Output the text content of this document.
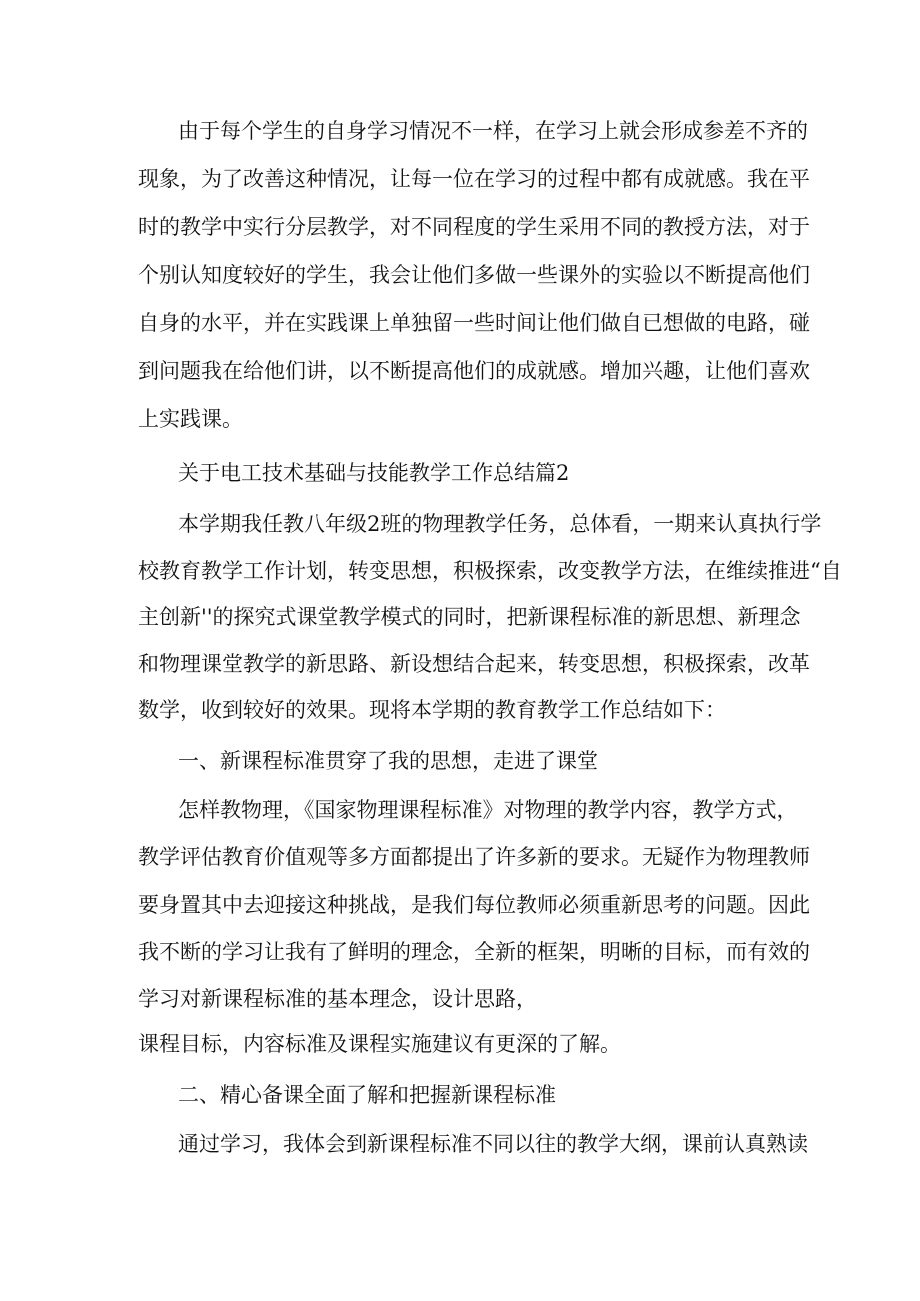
由于每个学生的自身学习情况不一样，在学习上就会形成参差不齐的

现象，为了改善这种情况，让每一位在学习的过程中都有成就感。我在平

时的教学中实行分层教学，对不同程度的学生采用不同的教授方法，对于

个别认知度较好的学生，我会让他们多做一些课外的实验以不断提高他们

自身的水平，并在实践课上单独留一些时间让他们做自已想做的电路，碰

到问题我在给他们讲，以不断提高他们的成就感。增加兴趣，让他们喜欢

上实践课。

关于电工技术基础与技能教学工作总结篇2

本学期我任教八年级2班的物理教学任务，总体看，一期来认真执行学

校教育教学工作计划，转变思想，积极探索，改变教学方法，在维续推进“自

主创新''的探究式课堂教学模式的同时，把新课程标准的新思想、新理念

和物理课堂教学的新思路、新设想结合起来，转变思想，积极探索，改革

数学，收到较好的效果。现将本学期的教育教学工作总结如下：

一、新课程标准贯穿了我的思想，走进了课堂

怎样教物理，《国家物理课程标准》对物理的教学内容，教学方式，

教学评估教育价值观等多方面都提出了许多新的要求。无疑作为物理教师

要身置其中去迎接这种挑战，是我们每位教师必须重新思考的问题。因此

我不断的学习让我有了鲜明的理念，全新的框架，明晰的目标，而有效的

学习对新课程标准的基本理念，设计思路，

课程目标，内容标准及课程实施建议有更深的了解。

二、精心备课全面了解和把握新课程标准

通过学习，我体会到新课程标准不同以往的教学大纲，课前认真熟读
